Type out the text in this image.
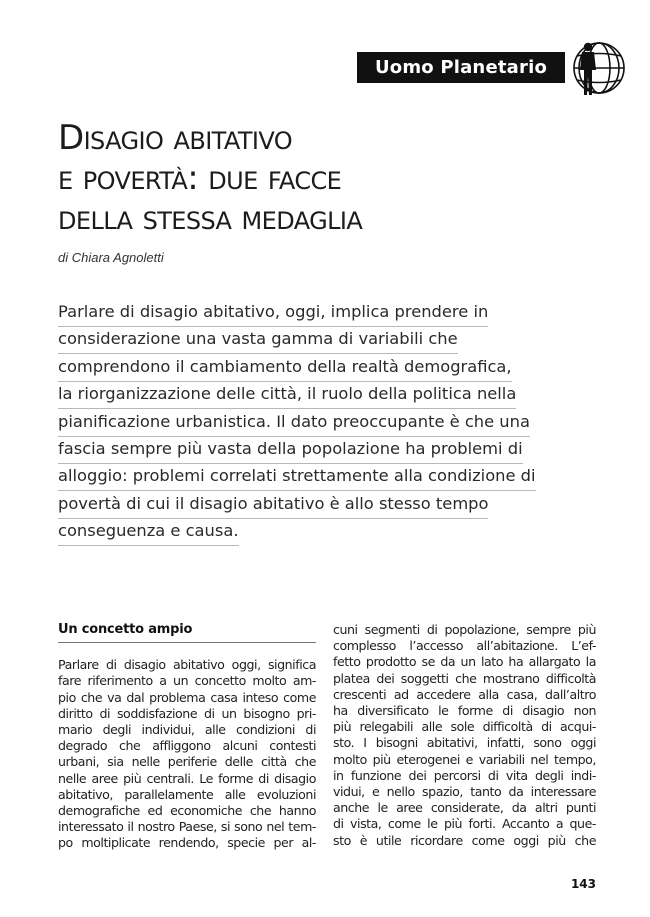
Uomo Planetario
Disagio abitativo
e povertà: due facce
della stessa medaglia
di Chiara Agnoletti
Parlare di disagio abitativo, oggi, implica prendere in
considerazione una vasta gamma di variabili che
comprendono il cambiamento della realtà demografica,
la riorganizzazione delle città, il ruolo della politica nella
pianificazione urbanistica. Il dato preoccupante è che una
fascia sempre più vasta della popolazione ha problemi di
alloggio: problemi correlati strettamente alla condizione di
povertà di cui il disagio abitativo è allo stesso tempo
conseguenza e causa.
Un concetto ampio
Parlare di disagio abitativo oggi, significa
fare riferimento a un concetto molto am-
pio che va dal problema casa inteso come
diritto di soddisfazione di un bisogno pri-
mario degli individui, alle condizioni di
degrado che affliggono alcuni contesti
urbani, sia nelle periferie delle città che
nelle aree più centrali. Le forme di disagio
abitativo, parallelamente alle evoluzioni
demografiche ed economiche che hanno
interessato il nostro Paese, si sono nel tem-
po moltiplicate rendendo, specie per al-
cuni segmenti di popolazione, sempre più
complesso l’accesso all’abitazione. L’ef-
fetto prodotto se da un lato ha allargato la
platea dei soggetti che mostrano difficoltà
crescenti ad accedere alla casa, dall’altro
ha diversificato le forme di disagio non
più relegabili alle sole difficoltà di acqui-
sto. I bisogni abitativi, infatti, sono oggi
molto più eterogenei e variabili nel tempo,
in funzione dei percorsi di vita degli indi-
vidui, e nello spazio, tanto da interessare
anche le aree considerate, da altri punti
di vista, come le più forti. Accanto a que-
sto è utile ricordare come oggi più che
143
